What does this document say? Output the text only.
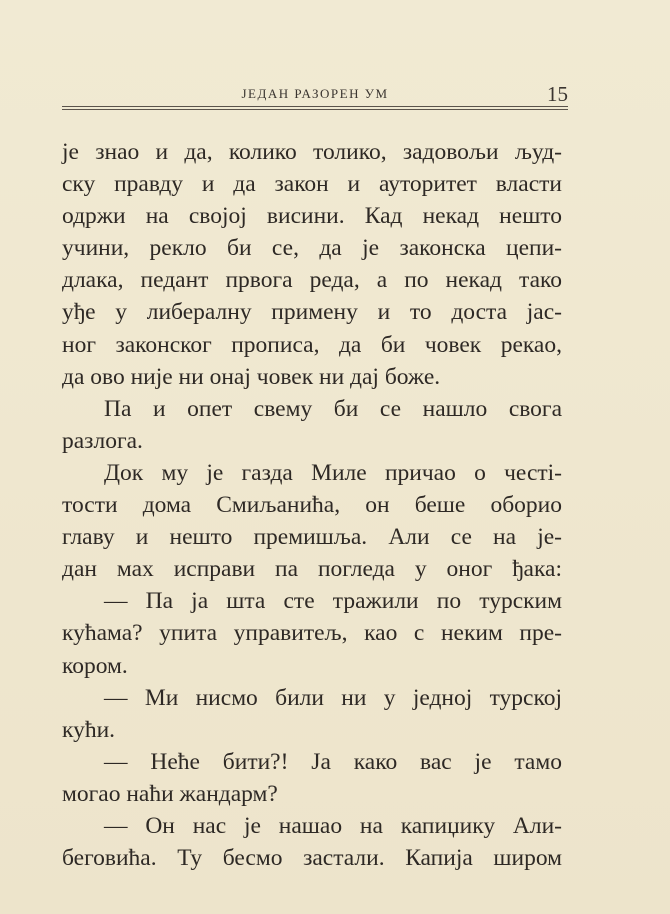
ЈЕДАН РАЗОРЕН УМ	15
је знао и да, колико толико, задовољи људ-
ску правду и да закон и ауторитет власти
одржи на својој висини. Кад некад нешто
учини, рекло би се, да је законска цепи-
длака, педант првога реда, а по некад тако
уђе у либералну примену и то доста јас-
ног законског прописа, да би човек рекао,
да ово није ни онај човек ни дај боже.
Па и опет свему би се нашло свога
разлога.
Док му је газда Миле причао о честі-
тости дома Смиљанића, он беше оборио
главу и нешто премишља. Али се на је-
дан мах исправи па погледа у оног ђака:
— Па ја шта сте тражили по турским
кућама? упита управитељ, као с неким пре-
кором.
— Ми нисмо били ни у једној турској
кући.
— Неће бити?! Ја како вас је тамо
могао наћи жандарм?
— Он нас је нашао на капиџику Али-
беговића. Ту бесмо застали. Капија широм
